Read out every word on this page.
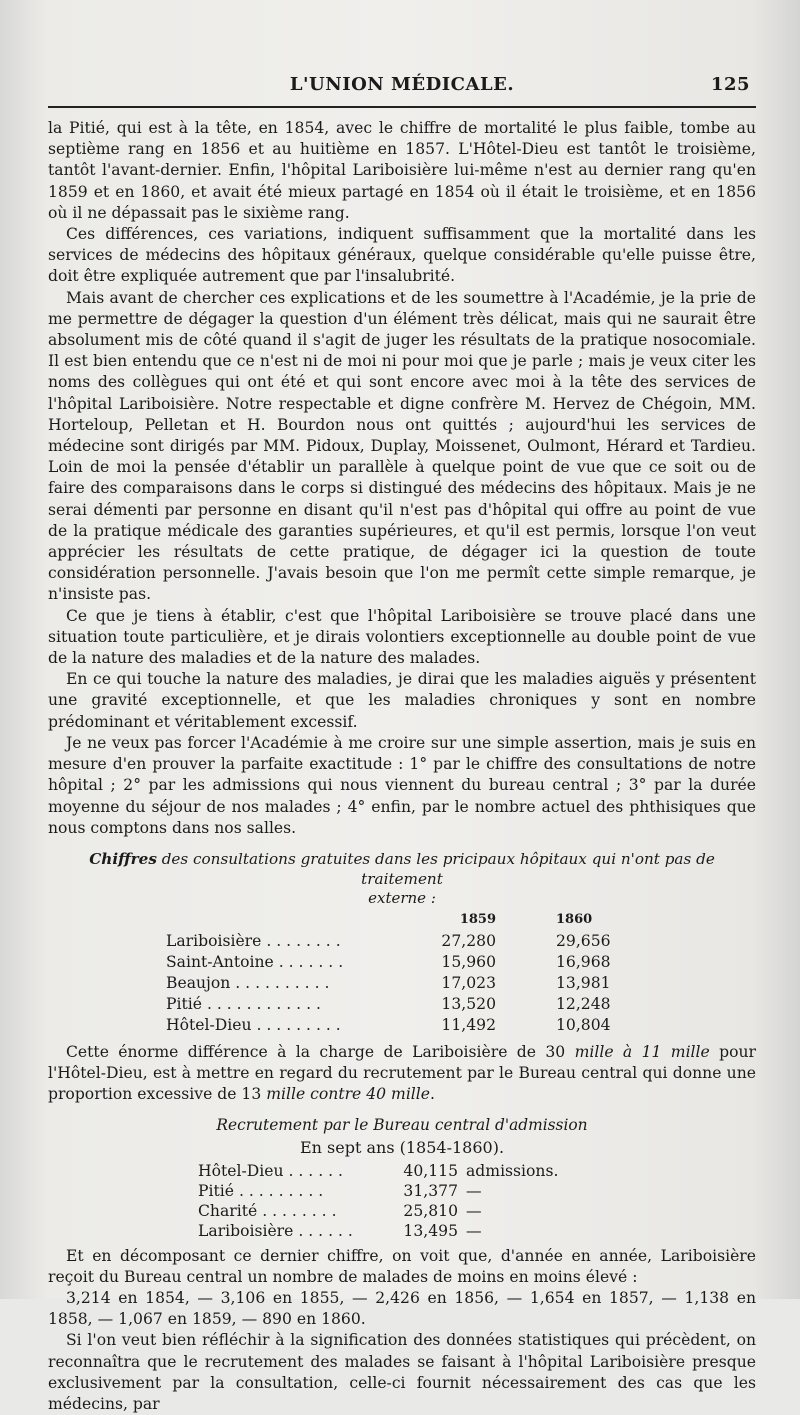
L'UNION MÉDICALE.	125

la Pitié, qui est à la tête, en 1854, avec le chiffre de mortalité le plus faible, tombe au septième rang en 1856 et au huitième en 1857. L'Hôtel-Dieu est tantôt le troisième, tantôt l'avant-dernier. Enfin, l'hôpital Lariboisière lui-même n'est au dernier rang qu'en 1859 et en 1860, et avait été mieux partagé en 1854 où il était le troisième, et en 1856 où il ne dépassait pas le sixième rang.

Ces différences, ces variations, indiquent suffisamment que la mortalité dans les services de médecins des hôpitaux généraux, quelque considérable qu'elle puisse être, doit être expliquée autrement que par l'insalubrité.

Mais avant de chercher ces explications et de les soumettre à l'Académie, je la prie de me permettre de dégager la question d'un élément très délicat, mais qui ne saurait être absolument mis de côté quand il s'agit de juger les résultats de la pratique nosocomiale. Il est bien entendu que ce n'est ni de moi ni pour moi que je parle ; mais je veux citer les noms des collègues qui ont été et qui sont encore avec moi à la tête des services de l'hôpital Lariboisière. Notre respectable et digne confrère M. Hervez de Chégoin, MM. Horteloup, Pelletan et H. Bourdon nous ont quittés ; aujourd'hui les services de médecine sont dirigés par MM. Pidoux, Duplay, Moissenet, Oulmont, Hérard et Tardieu. Loin de moi la pensée d'établir un parallèle à quelque point de vue que ce soit ou de faire des comparaisons dans le corps si distingué des médecins des hôpitaux. Mais je ne serai démenti par personne en disant qu'il n'est pas d'hôpital qui offre au point de vue de la pratique médicale des garanties supérieures, et qu'il est permis, lorsque l'on veut apprécier les résultats de cette pratique, de dégager ici la question de toute considération personnelle. J'avais besoin que l'on me permît cette simple remarque, je n'insiste pas.

Ce que je tiens à établir, c'est que l'hôpital Lariboisière se trouve placé dans une situation toute particulière, et je dirais volontiers exceptionnelle au double point de vue de la nature des maladies et de la nature des malades.

En ce qui touche la nature des maladies, je dirai que les maladies aiguës y présentent une gravité exceptionnelle, et que les maladies chroniques y sont en nombre prédominant et véritablement excessif.

Je ne veux pas forcer l'Académie à me croire sur une simple assertion, mais je suis en mesure d'en prouver la parfaite exactitude : 1° par le chiffre des consultations de notre hôpital ; 2° par les admissions qui nous viennent du bureau central ; 3° par la durée moyenne du séjour de nos malades ; 4° enfin, par le nombre actuel des phthisiques que nous comptons dans nos salles.

Chiffres des consultations gratuites dans les pricipaux hôpitaux qui n'ont pas de traitement
externe :
	1859	1860
Lariboisière . . . . . . . .	27,280	29,656
Saint-Antoine . . . . . . .	15,960	16,968
Beaujon . . . . . . . . . .	17,023	13,981
Pitié . . . . . . . . . . . .	13,520	12,248
Hôtel-Dieu . . . . . . . . .	11,492	10,804

Cette énorme différence à la charge de Lariboisière de 30 mille à 11 mille pour l'Hôtel-Dieu, est à mettre en regard du recrutement par le Bureau central qui donne une proportion excessive de 13 mille contre 40 mille.

Recrutement par le Bureau central d'admission
En sept ans (1854-1860).
Hôtel-Dieu . . . . . .	40,115	admissions.
Pitié . . . . . . . . .	31,377	—
Charité . . . . . . . .	25,810	—
Lariboisière . . . . . .	13,495	—

Et en décomposant ce dernier chiffre, on voit que, d'année en année, Lariboisière reçoit du Bureau central un nombre de malades de moins en moins élevé :

3,214 en 1854, — 3,106 en 1855, — 2,426 en 1856, — 1,654 en 1857, — 1,138 en 1858, — 1,067 en 1859, — 890 en 1860.

Si l'on veut bien réfléchir à la signification des données statistiques qui précèdent, on reconnaîtra que le recrutement des malades se faisant à l'hôpital Lariboisière presque exclusivement par la consultation, celle-ci fournit nécessairement des cas que les médecins, par
